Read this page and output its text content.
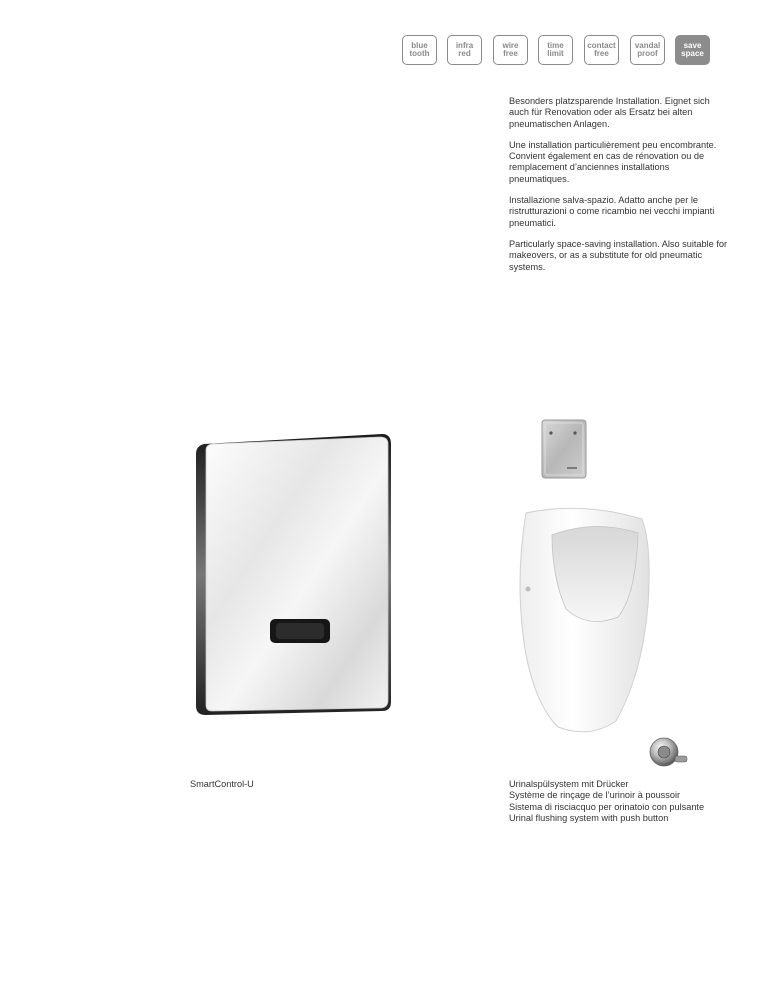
blue
tooth
infra
red
wire
free
time
limit
contact
free
vandal
proof
save
space

Besonders platzsparende Installation. Eignet sich auch für Renovation oder als Ersatz bei alten pneumatischen Anlagen.

Une installation particulièrement peu encombrante. Convient également en cas de rénovation ou de remplacement d’anciennes installations pneumatiques.

Installazione salva-spazio. Adatto anche per le ristrutturazioni o come ricambio nei vecchi impianti pneumatici.

Particularly space-saving installation. Also suitable for makeovers, or as a substitute for old pneumatic systems.

SmartControl-U	Urinalspülsystem mit Drücker
Système de rinçage de l’urinoir à poussoir
Sistema di risciacquo per orinatoio con pulsante
Urinal flushing system with push button
